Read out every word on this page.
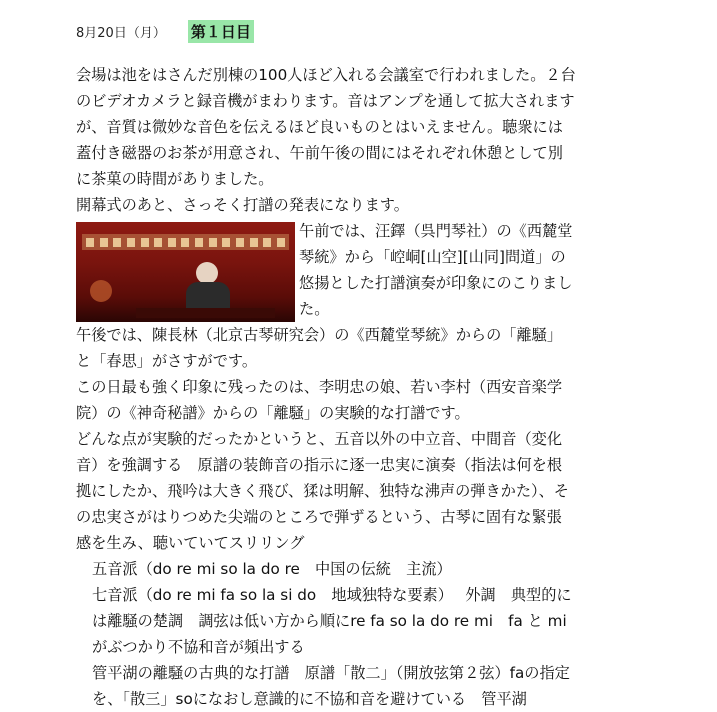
8月20日（月） 第１日目

会場は池をはさんだ別棟の100人ほど入れる会議室で行われました。２台のビデオカメラと録音機がまわります。音はアンプを通して拡大されますが、音質は微妙な音色を伝えるほど良いものとはいえません。聴衆には蓋付き磁器のお茶が用意され、午前午後の間にはそれぞれ休憩として別に茶菓の時間がありました。

開幕式のあと、さっそく打譜の発表になります。

午前では、汪鐸（呉門琴社）の《西麓堂琴統》から「崆峒[山空][山同]問道」の悠揚とした打譜演奏が印象にのこりました。

午後では、陳長林（北京古琴研究会）の《西麓堂琴統》からの「離騒」と「春思」がさすがです。

この日最も強く印象に残ったのは、李明忠の娘、若い李村（西安音楽学院）の《神奇秘譜》からの「離騒」の実験的な打譜です。

どんな点が実験的だったかというと、五音以外の中立音、中間音（変化音）を強調する　原譜の装飾音の指示に逐一忠実に演奏（指法は何を根拠にしたか、飛吟は大きく飛び、猱は明解、独特な沸声の弾きかた）、その忠実さがはりつめた尖端のところで弾ずるという、古琴に固有な緊張感を生み、聴いていてスリリング

五音派（do re mi so la do re　中国の伝統　主流）

七音派（do re mi fa so la si do　地域独特な要素）　 外調　典型的には離騒の楚調　調弦は低い方から順にre fa so la do re mi　fa と miがぶつかり不協和音が頻出する

管平湖の離騒の古典的な打譜　原譜「散二」（開放弦第２弦）faの指定を、「散三」soになおし意識的に不協和音を避けている　管平湖
